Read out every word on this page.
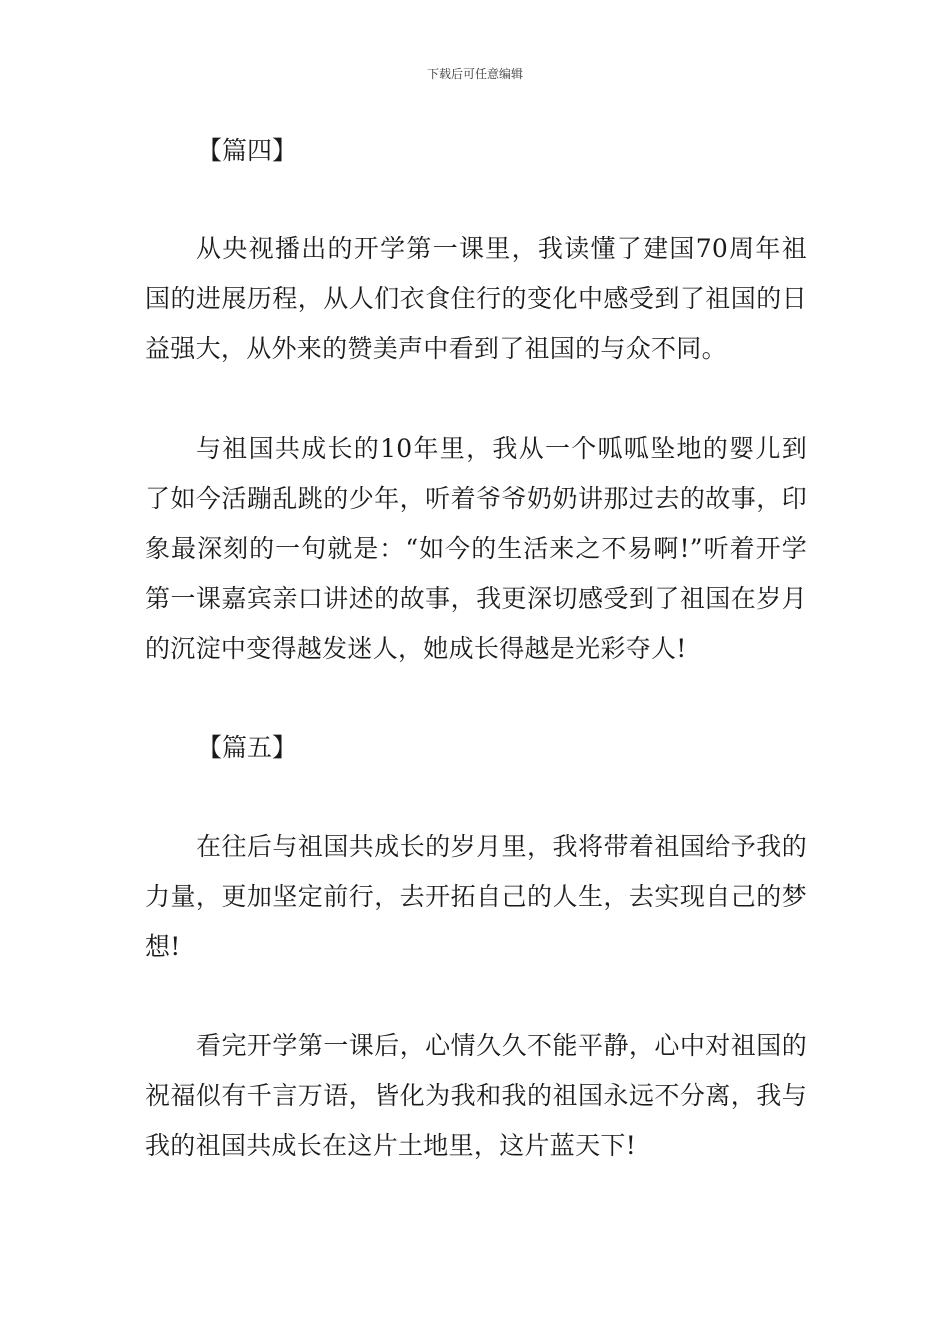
下载后可任意编辑
【篇四】

从央视播出的开学第一课里，我读懂了建国70周年祖国的进展历程，从人们衣食住行的变化中感受到了祖国的日益强大，从外来的赞美声中看到了祖国的与众不同。

与祖国共成长的10年里，我从一个呱呱坠地的婴儿到了如今活蹦乱跳的少年，听着爷爷奶奶讲那过去的故事，印象最深刻的一句就是：“如今的生活来之不易啊!”听着开学第一课嘉宾亲口讲述的故事，我更深切感受到了祖国在岁月的沉淀中变得越发迷人，她成长得越是光彩夺人!

【篇五】

在往后与祖国共成长的岁月里，我将带着祖国给予我的力量，更加坚定前行，去开拓自己的人生，去实现自己的梦想!

看完开学第一课后，心情久久不能平静，心中对祖国的祝福似有千言万语，皆化为我和我的祖国永远不分离，我与我的祖国共成长在这片土地里，这片蓝天下!
